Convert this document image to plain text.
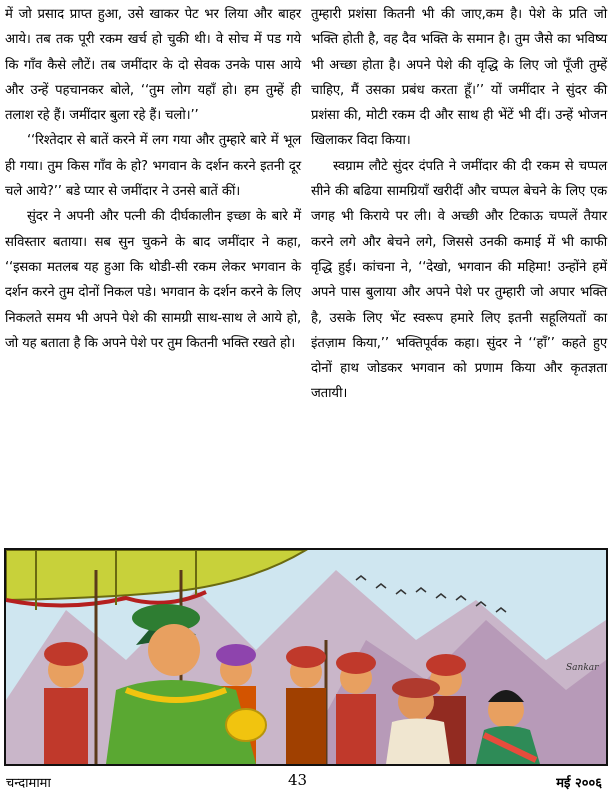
में जो प्रसाद प्राप्त हुआ, उसे खाकर पेट भर लिया और बाहर आये। तब तक पूरी रकम खर्च हो चुकी थी। वे सोच में पड गये कि गाँव कैसे लौटें। तब जमींदार के दो सेवक उनके पास आये और उन्हें पहचानकर बोले, ‘‘तुम लोग यहाँ हो। हम तुम्हें ही तलाश रहे हैं। जमींदार बुला रहे हैं। चलो।’’

‘‘रिश्तेदार से बातें करने में लग गया और तुम्हारे बारे में भूल ही गया। तुम किस गाँव के हो? भगवान के दर्शन करने इतनी दूर चले आये?’’ बडे प्यार से जमींदार ने उनसे बातें कीं।

सुंदर ने अपनी और पत्नी की दीर्घकालीन इच्छा के बारे में सविस्तार बताया। सब सुन चुकने के बाद जमींदार ने कहा, ‘‘इसका मतलब यह हुआ कि थोडी-सी रकम लेकर भगवान के दर्शन करने तुम दोनों निकल पडे। भगवान के दर्शन करने के लिए निकलते समय भी अपने पेशे की सामग्री साथ-साथ ले आये हो, जो यह बताता है कि अपने पेशे पर तुम कितनी भक्ति रखते हो।

तुम्हारी प्रशंसा कितनी भी की जाए,कम है। पेशे के प्रति जो भक्ति होती है, वह दैव भक्ति के समान है। तुम जैसे का भविष्य भी अच्छा होता है। अपने पेशे की वृद्धि के लिए जो पूँजी तुम्हें चाहिए, मैं उसका प्रबंध करता हूँ।’’ यों जमींदार ने सुंदर की प्रशंसा की, मोटी रकम दी और साथ ही भेंटें भी दीं। उन्हें भोजन खिलाकर विदा किया।

स्वग्राम लौटे सुंदर दंपति ने जमींदार की दी रकम से चप्पल सीने की बढिया सामग्रियाँ खरीदीं और चप्पल बेचने के लिए एक जगह भी किराये पर ली। वे अच्छी और टिकाऊ चप्पलें तैयार करने लगे और बेचने लगे, जिससे उनकी कमाई में भी काफी वृद्धि हुई। कांचना ने, ‘‘देखो, भगवान की महिमा! उन्होंने हमें अपने पास बुलाया और अपने पेशे पर तुम्हारी जो अपार भक्ति है, उसके लिए भेंट स्वरूप हमारे लिए इतनी सहूलियतों का इंतज़ाम किया,’’ भक्तिपूर्वक कहा। सुंदर ने ‘‘हाँ’’ कहते हुए दोनों हाथ जोडकर भगवान को प्रणाम किया और कृतज्ञता जतायी।

Sankar
चन्दामामा	43	मई २००६
